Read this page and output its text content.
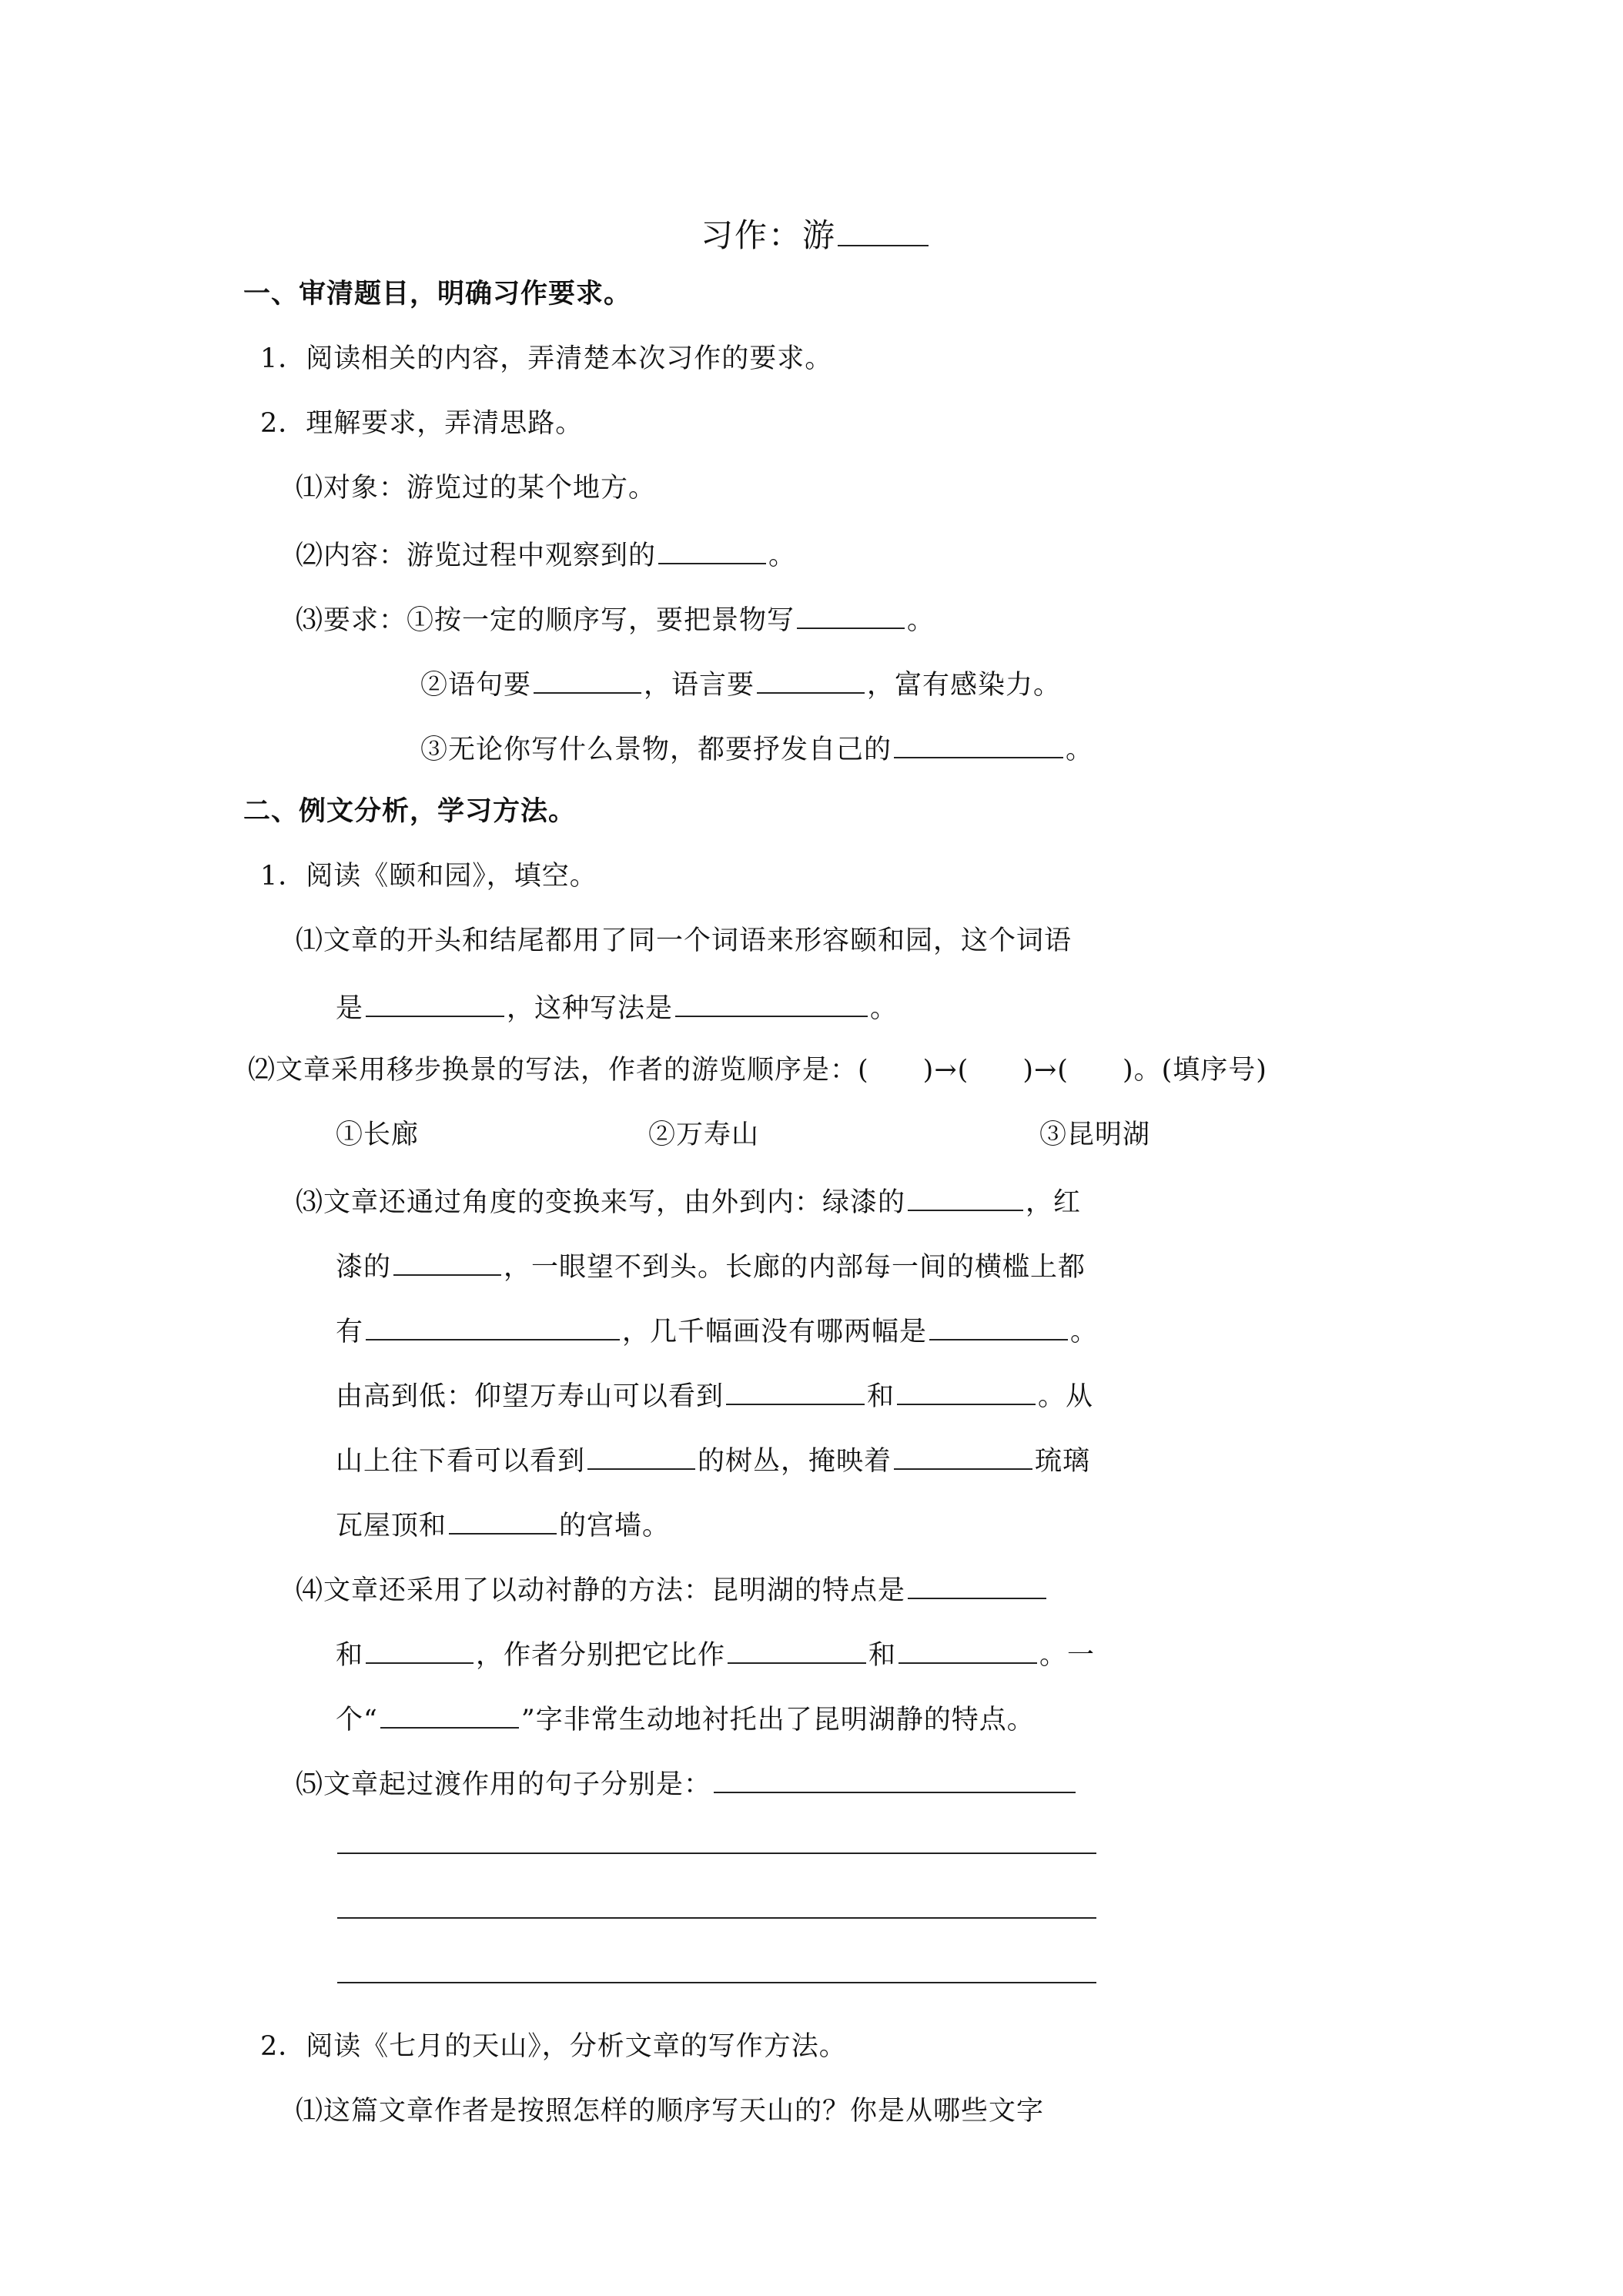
习作：游
一、审清题目，明确习作要求。
1．阅读相关的内容，弄清楚本次习作的要求。
2．理解要求，弄清思路。
⑴对象：游览过的某个地方。
⑵内容：游览过程中观察到的	。
⑶要求：①按一定的顺序写，要把景物写	。
②语句要	，语言要	，富有感染力。
③无论你写什么景物，都要抒发自己的	。
二、例文分析，学习方法。
1．阅读《颐和园》，填空。
⑴文章的开头和结尾都用了同一个词语来形容颐和园，这个词语
是	，这种写法是	。
⑵文章采用移步换景的写法，作者的游览顺序是：( )→( )→( )。(填序号)
①长廊	②万寿山	③昆明湖
⑶文章还通过角度的变换来写，由外到内：绿漆的	，红
漆的	，一眼望不到头。长廊的内部每一间的横槛上都
有	，几千幅画没有哪两幅是	。
由高到低：仰望万寿山可以看到	和	。从
山上往下看可以看到	的树丛，掩映着	琉璃
瓦屋顶和	的宫墙。
⑷文章还采用了以动衬静的方法：昆明湖的特点是
和	，作者分别把它比作	和	。一
个“	”字非常生动地衬托出了昆明湖静的特点。
⑸文章起过渡作用的句子分别是：
2．阅读《七月的天山》，分析文章的写作方法。
⑴这篇文章作者是按照怎样的顺序写天山的？你是从哪些文字
